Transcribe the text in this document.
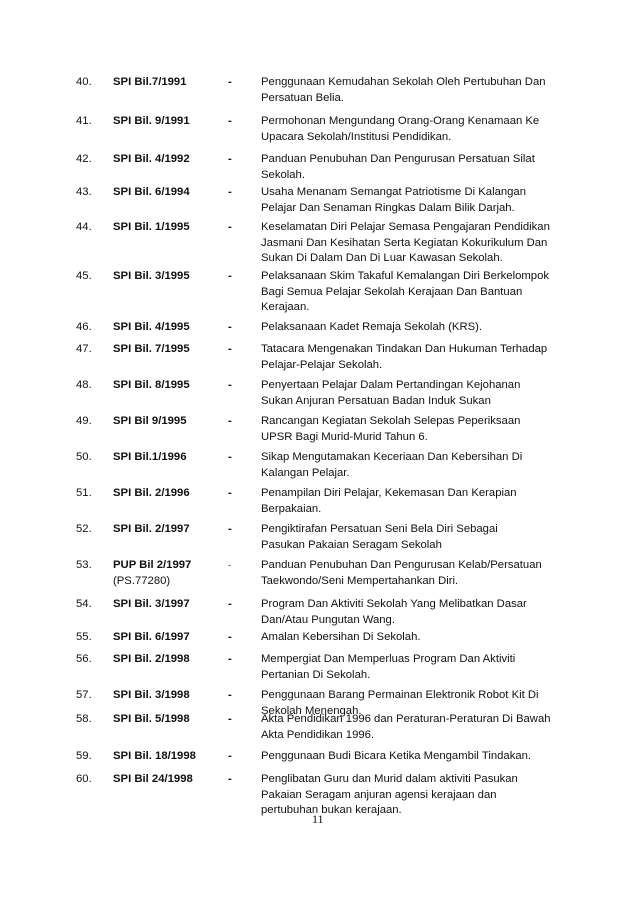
40. SPI Bil.7/1991	-	Penggunaan Kemudahan Sekolah Oleh Pertubuhan Dan
Persatuan Belia.
41. SPI Bil. 9/1991	-	Permohonan Mengundang Orang-Orang Kenamaan Ke
Upacara Sekolah/Institusi Pendidikan.
42. SPI Bil. 4/1992	-	Panduan Penubuhan Dan Pengurusan Persatuan Silat
Sekolah.
43. SPI Bil. 6/1994	-	Usaha Menanam Semangat Patriotisme Di Kalangan
Pelajar Dan Senaman Ringkas Dalam Bilik Darjah.
44. SPI Bil. 1/1995	-	Keselamatan Diri Pelajar Semasa Pengajaran Pendidikan
Jasmani Dan Kesihatan Serta Kegiatan Kokurikulum Dan
Sukan Di Dalam Dan Di Luar Kawasan Sekolah.
45. SPI Bil. 3/1995	-	Pelaksanaan Skim Takaful Kemalangan Diri Berkelompok
Bagi Semua Pelajar Sekolah Kerajaan Dan Bantuan
Kerajaan.
46. SPI Bil. 4/1995	-	Pelaksanaan Kadet Remaja Sekolah (KRS).
47. SPI Bil. 7/1995	-	Tatacara Mengenakan Tindakan Dan Hukuman Terhadap
Pelajar-Pelajar Sekolah.
48. SPI Bil. 8/1995	-	Penyertaan Pelajar Dalam Pertandingan Kejohanan
Sukan Anjuran Persatuan Badan Induk Sukan
49. SPI Bil 9/1995	-	Rancangan Kegiatan Sekolah Selepas Peperiksaan
UPSR Bagi Murid-Murid Tahun 6.
50. SPI Bil.1/1996	-	Sikap Mengutamakan Keceriaan Dan Kebersihan Di
Kalangan Pelajar.
51. SPI Bil. 2/1996	-	Penampilan Diri Pelajar, Kekemasan Dan Kerapian
Berpakaian.
52. SPI Bil. 2/1997	-	Pengiktirafan Persatuan Seni Bela Diri Sebagai
Pasukan Pakaian Seragam Sekolah
53. PUP Bil 2/1997
(PS.77280)
-	Panduan Penubuhan Dan Pengurusan Kelab/Persatuan
Taekwondo/Seni Mempertahankan Diri.
54. SPI Bil. 3/1997	-	Program Dan Aktiviti Sekolah Yang Melibatkan Dasar
Dan/Atau Pungutan Wang.
55. SPI Bil. 6/1997	-	Amalan Kebersihan Di Sekolah.
56. SPI Bil. 2/1998	-	Mempergiat Dan Memperluas Program Dan Aktiviti
Pertanian Di Sekolah.
57. SPI Bil. 3/1998	-	Penggunaan Barang Permainan Elektronik Robot Kit Di
Sekolah Menengah.
58. SPI Bil. 5/1998	-	Akta Pendidikan 1996 dan Peraturan-Peraturan Di Bawah
Akta Pendidikan 1996.
59. SPI Bil. 18/1998	-	Penggunaan Budi Bicara Ketika Mengambil Tindakan.
60. SPI Bil 24/1998	-	Penglibatan Guru dan Murid dalam aktiviti Pasukan
Pakaian Seragam anjuran agensi kerajaan dan
pertubuhan bukan kerajaan.
11
